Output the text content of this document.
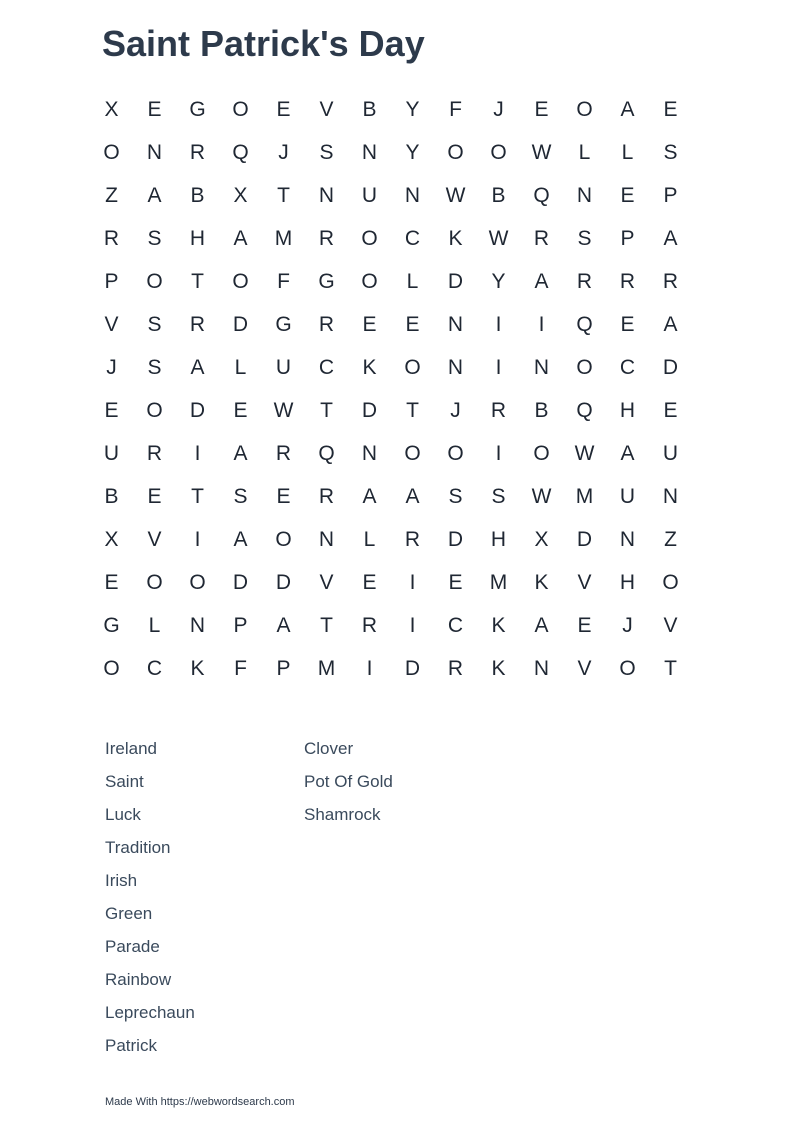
Saint Patrick's Day
X	E	G	O	E	V	B	Y	F	J	E	O	A	E
O	N	R	Q	J	S	N	Y	O	O	W	L	L	S
Z	A	B	X	T	N	U	N	W	B	Q	N	E	P
R	S	H	A	M	R	O	C	K	W	R	S	P	A
P	O	T	O	F	G	O	L	D	Y	A	R	R	R
V	S	R	D	G	R	E	E	N	I	I	Q	E	A
J	S	A	L	U	C	K	O	N	I	N	O	C	D
E	O	D	E	W	T	D	T	J	R	B	Q	H	E
U	R	I	A	R	Q	N	O	O	I	O	W	A	U
B	E	T	S	E	R	A	A	S	S	W	M	U	N
X	V	I	A	O	N	L	R	D	H	X	D	N	Z
E	O	O	D	D	V	E	I	E	M	K	V	H	O
G	L	N	P	A	T	R	I	C	K	A	E	J	V
O	C	K	F	P	M	I	D	R	K	N	V	O	T
Ireland
Saint
Luck
Tradition
Irish
Green
Parade
Rainbow
Leprechaun
Patrick
Clover
Pot Of Gold
Shamrock
Made With https://webwordsearch.com
